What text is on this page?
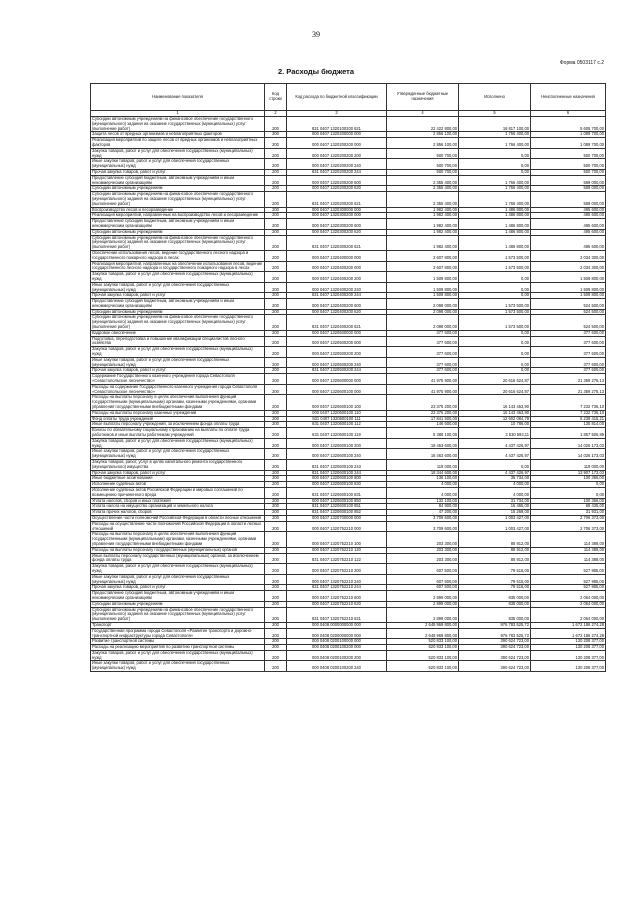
39
Форма 0503117 с.2
2. Расходы бюджета
Наименование показателя	Код строки	Код расхода по бюджетной классификации	Утвержденные бюджетные назначения	Исполнено	Неисполненные назначения
1	2	3	4	5	6
Субсидии автономным учреждениям на финансовое обеспечение государственного (муниципального) задания на оказание государственных (муниципальных) услуг (выполнение работ)	200	831 0407 1320100200 621	22 422 800,00	16 817 100,00	5 605 700,00
Защита лесов от вредных организмов и неблагоприятных факторов	200	000 0407 1320200000 000	2 856 100,00	1 766 400,00	1 089 700,00
Реализация мероприятий по защите лесов от вредных организмов и неблагоприятных факторов	200	000 0407 1320200200 000	2 856 100,00	1 766 400,00	1 089 700,00
Закупка товаров, работ и услуг для обеспечения государственных (муниципальных) нужд	200	000 0407 1320200200 200	500 700,00	0,00	500 700,00
Иные закупки товаров, работ и услуг для обеспечения государственных (муниципальных) нужд	200	000 0407 1320200200 240	500 700,00	0,00	500 700,00
Прочая закупка товаров, работ и услуг	200	831 0407 1320200200 244	500 700,00	0,00	500 700,00
Предоставление субсидий бюджетным, автономным учреждениям и иным некоммерческим организациям	200	000 0407 1320200200 600	2 355 400,00	1 766 400,00	589 000,00
Субсидии автономным учреждениям	200	000 0407 1320200200 620	2 355 400,00	1 766 400,00	589 000,00
Субсидии автономным учреждениям на финансовое обеспечение государственного (муниципального) задания на оказание государственных (муниципальных) услуг (выполнение работ)	200	831 0407 1320200200 621	2 355 400,00	1 766 400,00	589 000,00
Воспроизводство лесов и лесоразведение	200	000 0407 1320300000 000	1 982 400,00	1 486 800,00	495 600,00
Реализация мероприятий, направленных на воспроизводство лесов и лесоразведение	200	000 0407 1320300200 000	1 982 400,00	1 486 800,00	495 600,00
Предоставление субсидий бюджетным, автономным учреждениям и иным некоммерческим организациям	200	000 0407 1320300200 600	1 982 400,00	1 486 800,00	495 600,00
Субсидии автономным учреждениям	200	000 0407 1320300200 620	1 982 400,00	1 486 800,00	495 600,00
Субсидии автономным учреждениям на финансовое обеспечение государственного (муниципального) задания на оказание государственных (муниципальных) услуг (выполнение работ)	200	831 0407 1320300200 621	1 982 400,00	1 486 800,00	495 600,00
Обеспечение использования лесов, ведение государственного лесного надзора и государственного пожарного надзора в лесах	200	000 0407 1320400000 000	3 607 800,00	1 573 500,00	2 034 300,00
Реализация мероприятий, направленных на обеспечение использования лесов, ведение государственного лесного надзора и государственного пожарного надзора в лесах	200	000 0407 1320400200 000	3 607 800,00	1 573 500,00	2 034 300,00
Закупка товаров, работ и услуг для обеспечения государственных (муниципальных) нужд	200	000 0407 1320400200 200	1 509 800,00	0,00	1 509 800,00
Иные закупки товаров, работ и услуг для обеспечения государственных (муниципальных) нужд	200	000 0407 1320400200 240	1 509 800,00	0,00	1 509 800,00
Прочая закупка товаров, работ и услуг	200	831 0407 1320400200 244	1 509 800,00	0,00	1 509 800,00
Предоставление субсидий бюджетным, автономным учреждениям и иным некоммерческим организациям	200	000 0407 1320400200 600	2 098 000,00	1 573 500,00	524 500,00
Субсидии автономным учреждениям	200	000 0407 1320400200 620	2 098 000,00	1 573 500,00	524 500,00
Субсидии автономным учреждениям на финансовое обеспечение государственного (муниципального) задания на оказание государственных (муниципальных) услуг (выполнение работ)	200	831 0407 1320400200 621	2 098 000,00	1 573 500,00	524 500,00
Кадровое обеспечение	200	000 0407 1320500000 000	377 600,00	0,00	377 600,00
Подготовка, переподготовка и повышение квалификации специалистов лесного хозяйства	200	000 0407 1320500200 000	377 600,00	0,00	377 600,00
Закупка товаров, работ и услуг для обеспечения государственных (муниципальных) нужд	200	000 0407 1320500200 200	377 600,00	0,00	377 600,00
Иные закупки товаров, работ и услуг для обеспечения государственных (муниципальных) нужд	200	000 0407 1320500200 240	377 600,00	0,00	377 600,00
Прочая закупка товаров, работ и услуг	200	831 0407 1320500200 244	377 600,00	0,00	377 600,00
Содержание Государственного казенного учреждения города Севастополя «Севастопольское лесничество»	200	000 0407 1320600000 000	41 975 900,00	20 616 624,87	21 359 275,13
Расходы на содержание Государственного казенного учреждения города Севастополя «Севастопольское лесничество»	200	000 0407 1320600100 000	41 975 900,00	20 616 624,87	21 359 275,13
Расходы на выплаты персоналу в целях обеспечения выполнения функций государственными (муниципальными) органами, казенными учреждениями, органами управления государственными внебюджетными фондами	200	000 0407 1320600100 100	23 376 200,00	16 143 463,90	7 232 736,10
Расходы на выплаты персоналу казенных учреждений	200	000 0407 1320600100 110	23 376 200,00	16 143 463,90	7 232 736,10
Фонд оплаты труда учреждений	200	831 0407 1320600100 111	17 841 500,00	12 602 084,79	5 239 415,21
Иные выплаты персоналу учреждений, за исключением фонда оплаты труда	200	831 0407 1320600100 112	146 600,00	10 786,00	135 814,00
Взносы по обязательному социальному страхованию на выплаты по оплате труда работников и иные выплаты работникам учреждений	200	831 0407 1320600100 119	5 388 100,00	3 530 593,11	1 857 506,89
Закупка товаров, работ и услуг для обеспечения государственных (муниципальных) нужд	200	000 0407 1320600100 200	18 463 600,00	4 437 426,97	14 026 173,03
Иные закупки товаров, работ и услуг для обеспечения государственных (муниципальных) нужд	200	000 0407 1320600100 240	18 463 600,00	4 437 426,97	14 026 173,03
Закупка товаров, работ, услуг в целях капитального ремонта государственного (муниципального) имущества	200	831 0407 1320600100 243	119 000,00	0,00	119 000,00
Прочая закупка товаров, работ и услуг	200	831 0407 1320600100 244	18 344 600,00	4 437 426,97	13 907 173,03
Иные бюджетные ассигнования	200	000 0407 1320600100 800	136 100,00	35 734,00	100 366,00
Исполнение судебных актов	200	000 0407 1320600100 830	4 000,00	4 000,00	0,00
Исполнение судебных актов Российской Федерации и мировых соглашений по возмещению причиненного вреда	200	831 0407 1320600100 831	4 000,00	4 000,00	0,00
Уплата налогов, сборов и иных платежей	200	000 0407 1320600100 850	132 100,00	31 734,00	100 366,00
Уплата налога на имущество организаций и земельного налога	200	831 0407 1320600100 851	84 900,00	16 465,00	68 435,00
Уплата прочих налогов, сборов	200	831 0407 1320600100 852	47 200,00	15 269,00	31 931,00
Осуществление части полномочий Российской Федерации в области лесных отношений	200	000 0407 1320700000 000	3 709 600,00	1 003 427,00	2 706 373,00
Расходы на осуществление части полномочий Российской Федерации в области лесных отношений	200	000 0407 1320752210 000	3 709 600,00	1 003 427,00	2 706 373,00
Расходы на выплаты персоналу в целях обеспечения выполнения функций государственными (муниципальными) органами, казенными учреждениями, органами управления государственными внебюджетными фондами	200	000 0407 1320752210 100	203 300,00	88 912,00	114 388,00
Расходы на выплаты персоналу государственных (муниципальных) органов	200	000 0407 1320752210 120	203 300,00	88 912,00	114 388,00
Иные выплаты персоналу государственных (муниципальных) органов, за исключением фонда оплаты труда	200	831 0407 1320752210 122	203 300,00	88 912,00	114 388,00
Закупка товаров, работ и услуг для обеспечения государственных (муниципальных) нужд	200	000 0407 1320752210 200	607 500,00	79 515,00	527 985,00
Иные закупки товаров, работ и услуг для обеспечения государственных (муниципальных) нужд	200	000 0407 1320752210 240	607 500,00	79 515,00	527 985,00
Прочая закупка товаров, работ и услуг	200	831 0407 1320752210 244	607 500,00	79 515,00	527 985,00
Предоставление субсидий бюджетным, автономным учреждениям и иным некоммерческим организациям	200	000 0407 1320752210 600	2 899 000,00	835 000,00	2 064 000,00
Субсидии автономным учреждениям	200	000 0407 1320752210 620	2 899 000,00	835 000,00	2 064 000,00
Субсидии автономным учреждениям на финансовое обеспечение государственного (муниципального) задания на оказание государственных (муниципальных) услуг (выполнение работ)	200	831 0407 1320752210 621	2 899 000,00	835 000,00	2 064 000,00
Транспорт	200	000 0408 0000000000 000	2 648 969 800,00	976 783 525,72	1 672 186 274,28
Государственная программа города Севастополя «Развитие транспорта и дорожно-транспортной инфраструктуры города Севастополя»	200	000 0408 0200000000 000	2 648 969 800,00	976 783 525,72	1 672 186 274,28
Развитие транспортной системы	200	000 0408 0200100000 000	520 833 100,00	390 624 723,00	130 208 377,00
Расходы на реализацию мероприятий по развитию транспортной системы	200	000 0408 0200100200 000	520 833 100,00	390 624 723,00	130 208 377,00
Закупка товаров, работ и услуг для обеспечения государственных (муниципальных) нужд	200	000 0408 0200100200 200	520 833 100,00	390 624 723,00	130 208 377,00
Иные закупки товаров, работ и услуг для обеспечения государственных (муниципальных) нужд	200	000 0408 0200100200 240	520 833 100,00	390 624 723,00	130 208 377,00
